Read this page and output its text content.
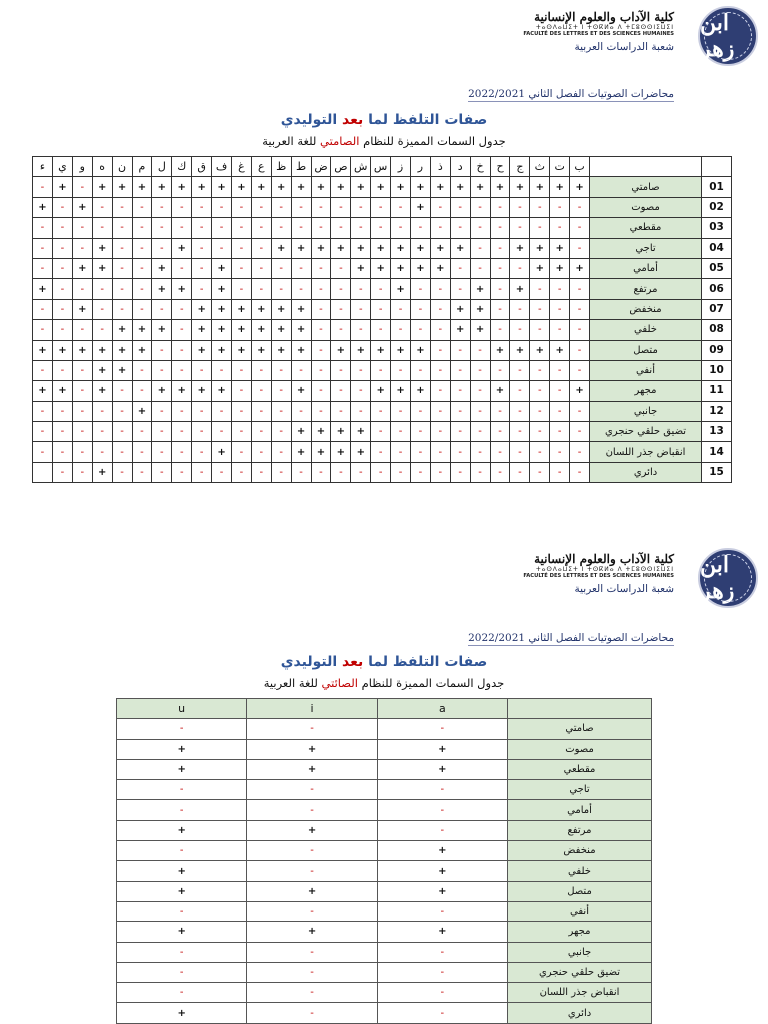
ابن زهر
كلية الآداب والعلوم الإنسانية
ⵜⴰⵙⴷⴰⵡⵉⵜ ⵏ ⵜⵙⴽⵍⴰ ⴷ ⵜⵎⵓⵙⵙⵏⵉⵡⵉⵏ
FACULTÉ DES LETTRES ET DES SCIENCES HUMAINES
شعبة الدراسات العربية
محاضرات الصوتيات الفصل الثاني 2022/2021
صفات التلفظ لما بعد التوليدي
جدول السمات المميزة للنظام الصامتي للغة العربية
		ب	ت	ث	ج	ح	خ	د	ذ	ر	ز	س	ش	ص	ض	ط	ظ	ع	غ	ف	ق	ك	ل	م	ن	ه	و	ي	ء
01	صامتي	+	+	+	+	+	+	+	+	+	+	+	+	+	+	+	+	+	+	+	+	+	+	+	+	+	-	+	-
02	مصوت	-	-	-	-	-	-	-	-	+	-	-	-	-	-	-	-	-	-	-	-	-	-	-	-	-	+	-	+
03	مقطعي	-	-	-	-	-	-	-	-	-	-	-	-	-	-	-	-	-	-	-	-	-	-	-	-	-	-	-	-
04	تاجي	-	+	+	+	-	-	+	+	+	+	+	+	+	+	+	+	-	-	-	-	+	-	-	-	+	-	-	-
05	أمامي	+	+	+	-	-	-	-	+	+	+	+	+	-	-	-	-	-	-	+	-	-	+	-	-	+	+	-	-
06	مرتفع	-	-	-	+	-	+	-	-	-	+	-	-	-	-	-	-	-	-	+	-	+	+	-	-	-	-	-	+
07	منخفض	-	-	-	-	-	+	+	-	-	-	-	-	-	-	+	+	+	+	+	+	-	-	-	-	-	+	-	-
08	خلفي	-	-	-	-	-	+	+	-	-	-	-	-	-	-	+	+	+	+	+	+	-	+	+	+	-	-	-	-
09	متصل	-	+	+	+	+	-	-	-	+	+	+	+	+	-	+	+	+	+	+	+	-	-	+	+	+	+	+	+
10	أنفي	-	-	-	-	-	-	-	-	-	-	-	-	-	-	-	-	-	-	-	-	-	-	-	+	+	-	-	-
11	مجهر	+	-	-	-	+	-	-	-	+	+	+	-	-	-	+	-	-	-	+	+	+	+	-	-	+	-	+	+
12	جانبي	-	-	-	-	-	-	-	-	-	-	-	-	-	-	-	-	-	-	-	-	-	-	+	-	-	-	-	-
13	تضيق حلقي حنجري	-	-	-	-	-	-	-	-	-	-	-	+	+	+	+	-	-	-	-	-	-	-	-	-	-	-	-	-
14	انقباض جذر اللسان	-	-	-	-	-	-	-	-	-	-	-	+	+	+	+	-	-	-	+	-	-	-	-	-	-	-	-	-
15	دائري	-	-	-	-	-	-	-	-	-	-	-	-	-	-	-	-	-	-	-	-	-	-	-	-	+	-	-	
ابن زهر
كلية الآداب والعلوم الإنسانية
ⵜⴰⵙⴷⴰⵡⵉⵜ ⵏ ⵜⵙⴽⵍⴰ ⴷ ⵜⵎⵓⵙⵙⵏⵉⵡⵉⵏ
FACULTÉ DES LETTRES ET DES SCIENCES HUMAINES
شعبة الدراسات العربية
محاضرات الصوتيات الفصل الثاني 2022/2021
صفات التلفظ لما بعد التوليدي
جدول السمات المميزة للنظام الصائتي للغة العربية
	a	i	u
صامتي	-	-	-
مصوت	+	+	+
مقطعي	+	+	+
تاجي	-	-	-
أمامي	-	-	-
مرتفع	-	+	+
منخفض	+	-	-
خلفي	+	-	+
متصل	+	+	+
أنفي	-	-	-
مجهر	+	+	+
جانبي	-	-	-
تضيق حلقي حنجري	-	-	-
انقباض جذر اللسان	-	-	-
دائري	-	-	+
